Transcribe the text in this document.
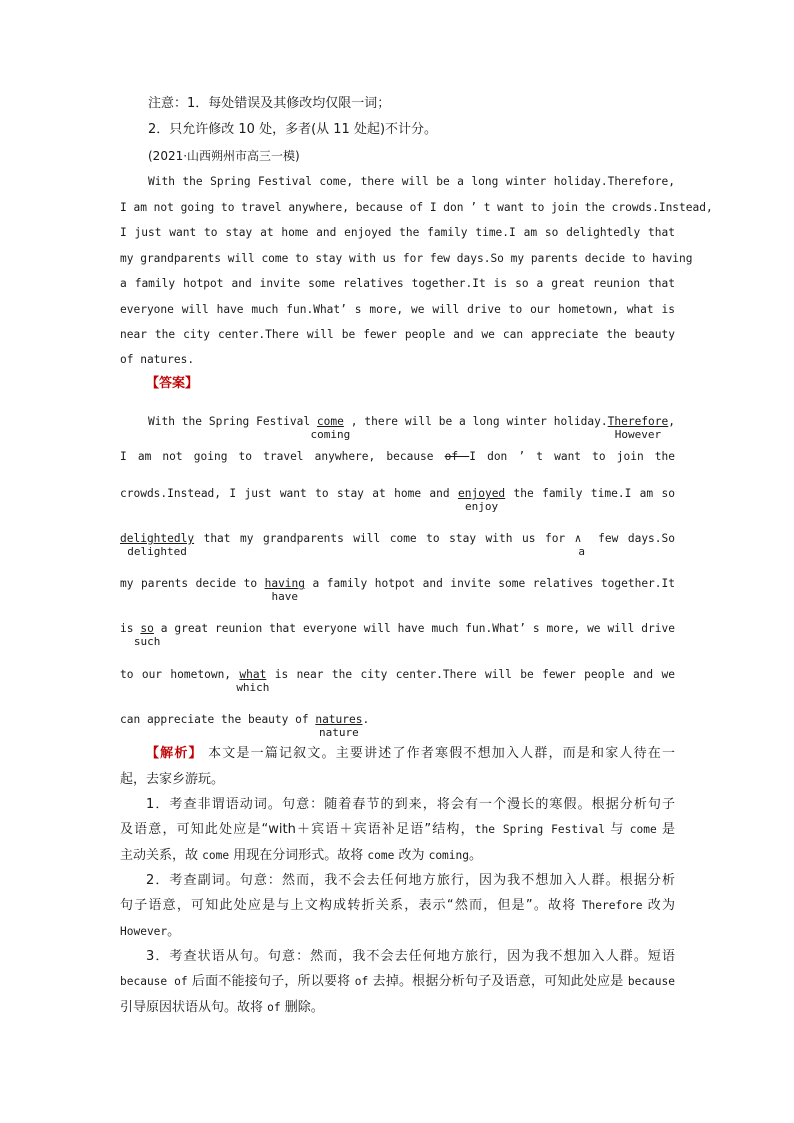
注意：1．每处错误及其修改均仅限一词；
2．只允许修改 10 处，多者(从 11 处起)不计分。
(2021·山西朔州市高三一模)
With the Spring Festival come, there will be a long winter holiday.Therefore,
I am not going to travel anywhere, because of I don ’ t want to join the crowds.Instead,
I just want to stay at home and enjoyed the family time.I am so delightedly that
my grandparents will come to stay with us for few days.So my parents decide to having
a family hotpot and invite some relatives together.It is so a great reunion that
everyone will have much fun.What’ s more, we will drive to our hometown, what is
near the city center.There will be fewer people and we can appreciate the beauty
of natures.
【答案】
With the Spring Festival come
coming
, there will be a long winter holiday.Therefore
However
,
I am not going to travel anywhere, because of I don ’ t want to join the
crowds.Instead, I just want to stay at home and enjoyed
enjoy
the family time.I am so
delightedly
delighted
that my grandparents will come to stay with us for ∧
a
few days.So
my parents decide to having
have
a family hotpot and invite some relatives together.It
is so
such
a great reunion that everyone will have much fun.What’ s more, we will drive
to our hometown, what
which
is near the city center.There will be fewer people and we
can appreciate the beauty of natures
nature
.
【解析】 本文是一篇记叙文。主要讲述了作者寒假不想加入人群，而是和家人待在一
起，去家乡游玩。
1．考查非谓语动词。句意：随着春节的到来，将会有一个漫长的寒假。根据分析句子
及语意，可知此处应是“with＋宾语＋宾语补足语”结构，the Spring Festival 与 come 是
主动关系，故 come 用现在分词形式。故将 come 改为 coming。
2．考查副词。句意：然而，我不会去任何地方旅行，因为我不想加入人群。根据分析
句子语意，可知此处应是与上文构成转折关系，表示“然而，但是”。故将 Therefore 改为
However。
3．考查状语从句。句意：然而，我不会去任何地方旅行，因为我不想加入人群。短语
because of 后面不能接句子，所以要将 of 去掉。根据分析句子及语意，可知此处应是 because
引导原因状语从句。故将 of 删除。
